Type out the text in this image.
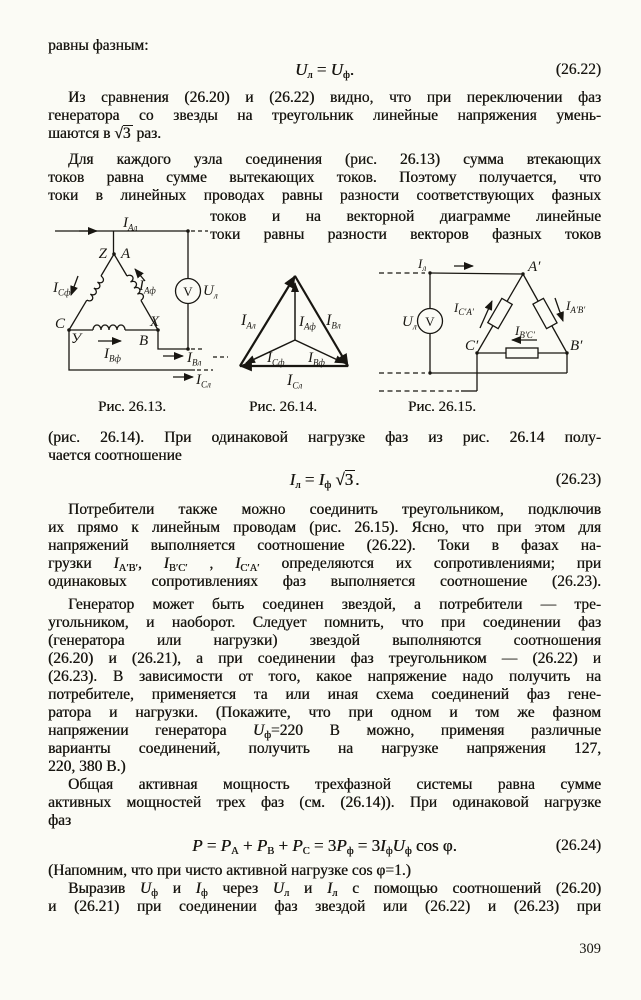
равны фазным:
$U_л = U_ф$.	(26.22)
Из сравнения (26.20) и (26.22) видно, что при переключении фаз
генератора со звезды на треугольник линейные напряжения умень-
шаются в √3 раз.
Для каждого узла соединения (рис. 26.13) сумма втекающих
токов равна сумме вытекающих токов. Поэтому получается, что
токи в линейных проводах равны разности соответствующих фазных
токов и на векторной диаграмме линейные
токи равны разности векторов фазных токов
$I_{Ал}$
Z A
V $U_л$
$I_{Сф}$	$I_{Аф}$
C
У
X
B
$I_{Вф}$	$I_{Вл}$
$I_{Сл}$
$I_{Ал}$	$I_{Аф}$ $I_{Вл}$
$I_{Сф}$ $I_{Вф}$
$I_{Сл}$
$I_л$	A′
$U_л$ V
$I_{C'A'}$	$I_{A'B'}$
$I_{B'C'}$
C′	B′
Рис. 26.13.	Рис. 26.14.	Рис. 26.15.
(рис. 26.14). При одинаковой нагрузке фаз из рис. 26.14 полу-
чается соотношение
$I_л = I_ф$ √3 .	(26.23)
Потребители также можно соединить треугольником, подключив
их прямо к линейным проводам (рис. 26.15). Ясно, что при этом для
напряжений выполняется соотношение (26.22). Токи в фазах на-
грузки $I_{A'B'}$, $I_{B'C'}$ , $I_{C'A'}$ определяются их сопротивлениями; при
одинаковых сопротивлениях фаз выполняется соотношение (26.23).
Генератор может быть соединен звездой, а потребители — тре-
угольником, и наоборот. Следует помнить, что при соединении фаз
(генератора или нагрузки) звездой выполняются соотношения
(26.20) и (26.21), а при соединении фаз треугольником — (26.22) и
(26.23). В зависимости от того, какое напряжение надо получить на
потребителе, применяется та или иная схема соединений фаз гене-
ратора и нагрузки. (Покажите, что при одном и том же фазном
напряжении генератора $U_ф=220$ В можно, применяя различные
варианты соединений, получить на нагрузке напряжения 127,
220, 380 В.)
Общая активная мощность трехфазной системы равна сумме
активных мощностей трех фаз (см. (26.14)). При одинаковой нагрузке
фаз
$P = P_A + P_B + P_C = 3P_ф = 3I_фU_ф$ cos φ.	(26.24)
(Напомним, что при чисто активной нагрузке cos φ=1.)
Выразив $U_ф$ и $I_ф$ через $U_л$ и $I_л$ с помощью соотношений (26.20)
и (26.21) при соединении фаз звездой или (26.22) и (26.23) при
309
